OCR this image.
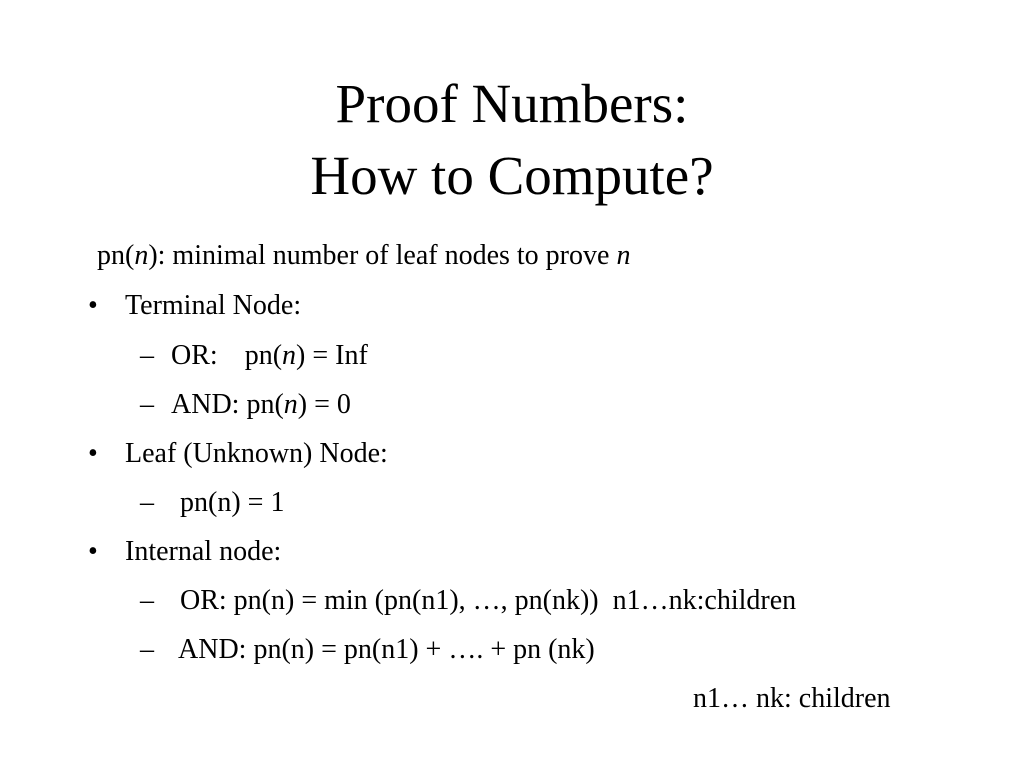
Proof Numbers:
How to Compute?
pn(n): minimal number of leaf nodes to prove n
• Terminal Node:
– OR: pn(n) = Inf
– AND: pn(n) = 0
• Leaf (Unknown) Node:
– pn(n) = 1
• Internal node:
– OR: pn(n) = min (pn(n1), …, pn(nk))  n1…nk:children
– AND: pn(n) = pn(n1) + …. + pn (nk)
n1… nk: children
